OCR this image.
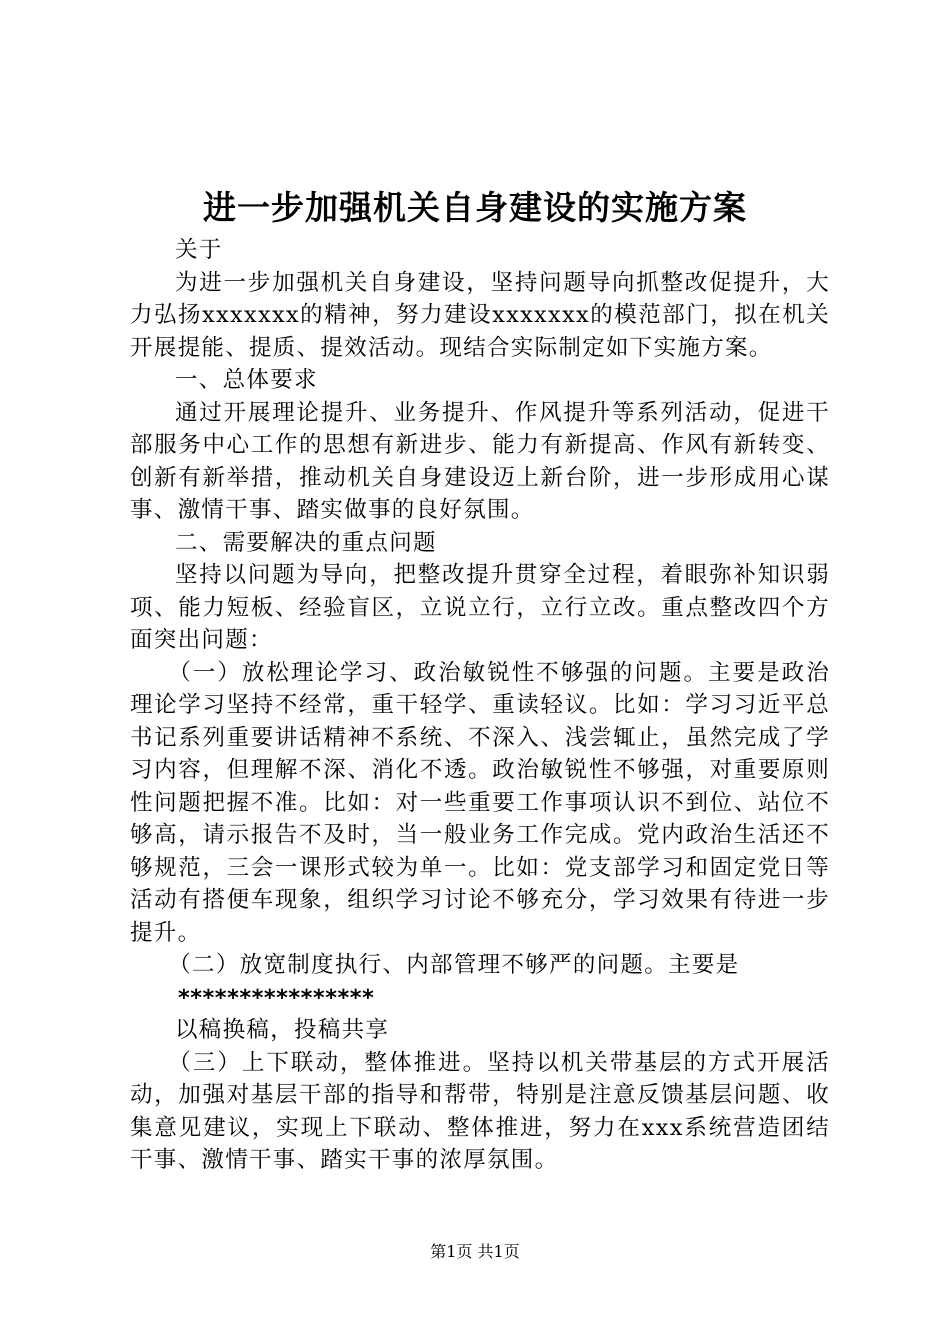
进一步加强机关自身建设的实施方案

关于

为进一步加强机关自身建设，坚持问题导向抓整改促提升，大力弘扬xxxxxxx的精神，努力建设xxxxxxx的模范部门，拟在机关开展提能、提质、提效活动。现结合实际制定如下实施方案。

一、总体要求

通过开展理论提升、业务提升、作风提升等系列活动，促进干部服务中心工作的思想有新进步、能力有新提高、作风有新转变、创新有新举措，推动机关自身建设迈上新台阶，进一步形成用心谋事、激情干事、踏实做事的良好氛围。

二、需要解决的重点问题

坚持以问题为导向，把整改提升贯穿全过程，着眼弥补知识弱项、能力短板、经验盲区，立说立行，立行立改。重点整改四个方面突出问题：

（一）放松理论学习、政治敏锐性不够强的问题。主要是政治理论学习坚持不经常，重干轻学、重读轻议。比如：学习习近平总书记系列重要讲话精神不系统、不深入、浅尝辄止，虽然完成了学习内容，但理解不深、消化不透。政治敏锐性不够强，对重要原则性问题把握不准。比如：对一些重要工作事项认识不到位、站位不够高，请示报告不及时，当一般业务工作完成。党内政治生活还不够规范，三会一课形式较为单一。比如：党支部学习和固定党日等活动有搭便车现象，组织学习讨论不够充分，学习效果有待进一步提升。

（二）放宽制度执行、内部管理不够严的问题。主要是

****************

以稿换稿，投稿共享

（三）上下联动，整体推进。坚持以机关带基层的方式开展活动，加强对基层干部的指导和帮带，特别是注意反馈基层问题、收集意见建议，实现上下联动、整体推进，努力在xxx系统营造团结干事、激情干事、踏实干事的浓厚氛围。

第1页 共1页
